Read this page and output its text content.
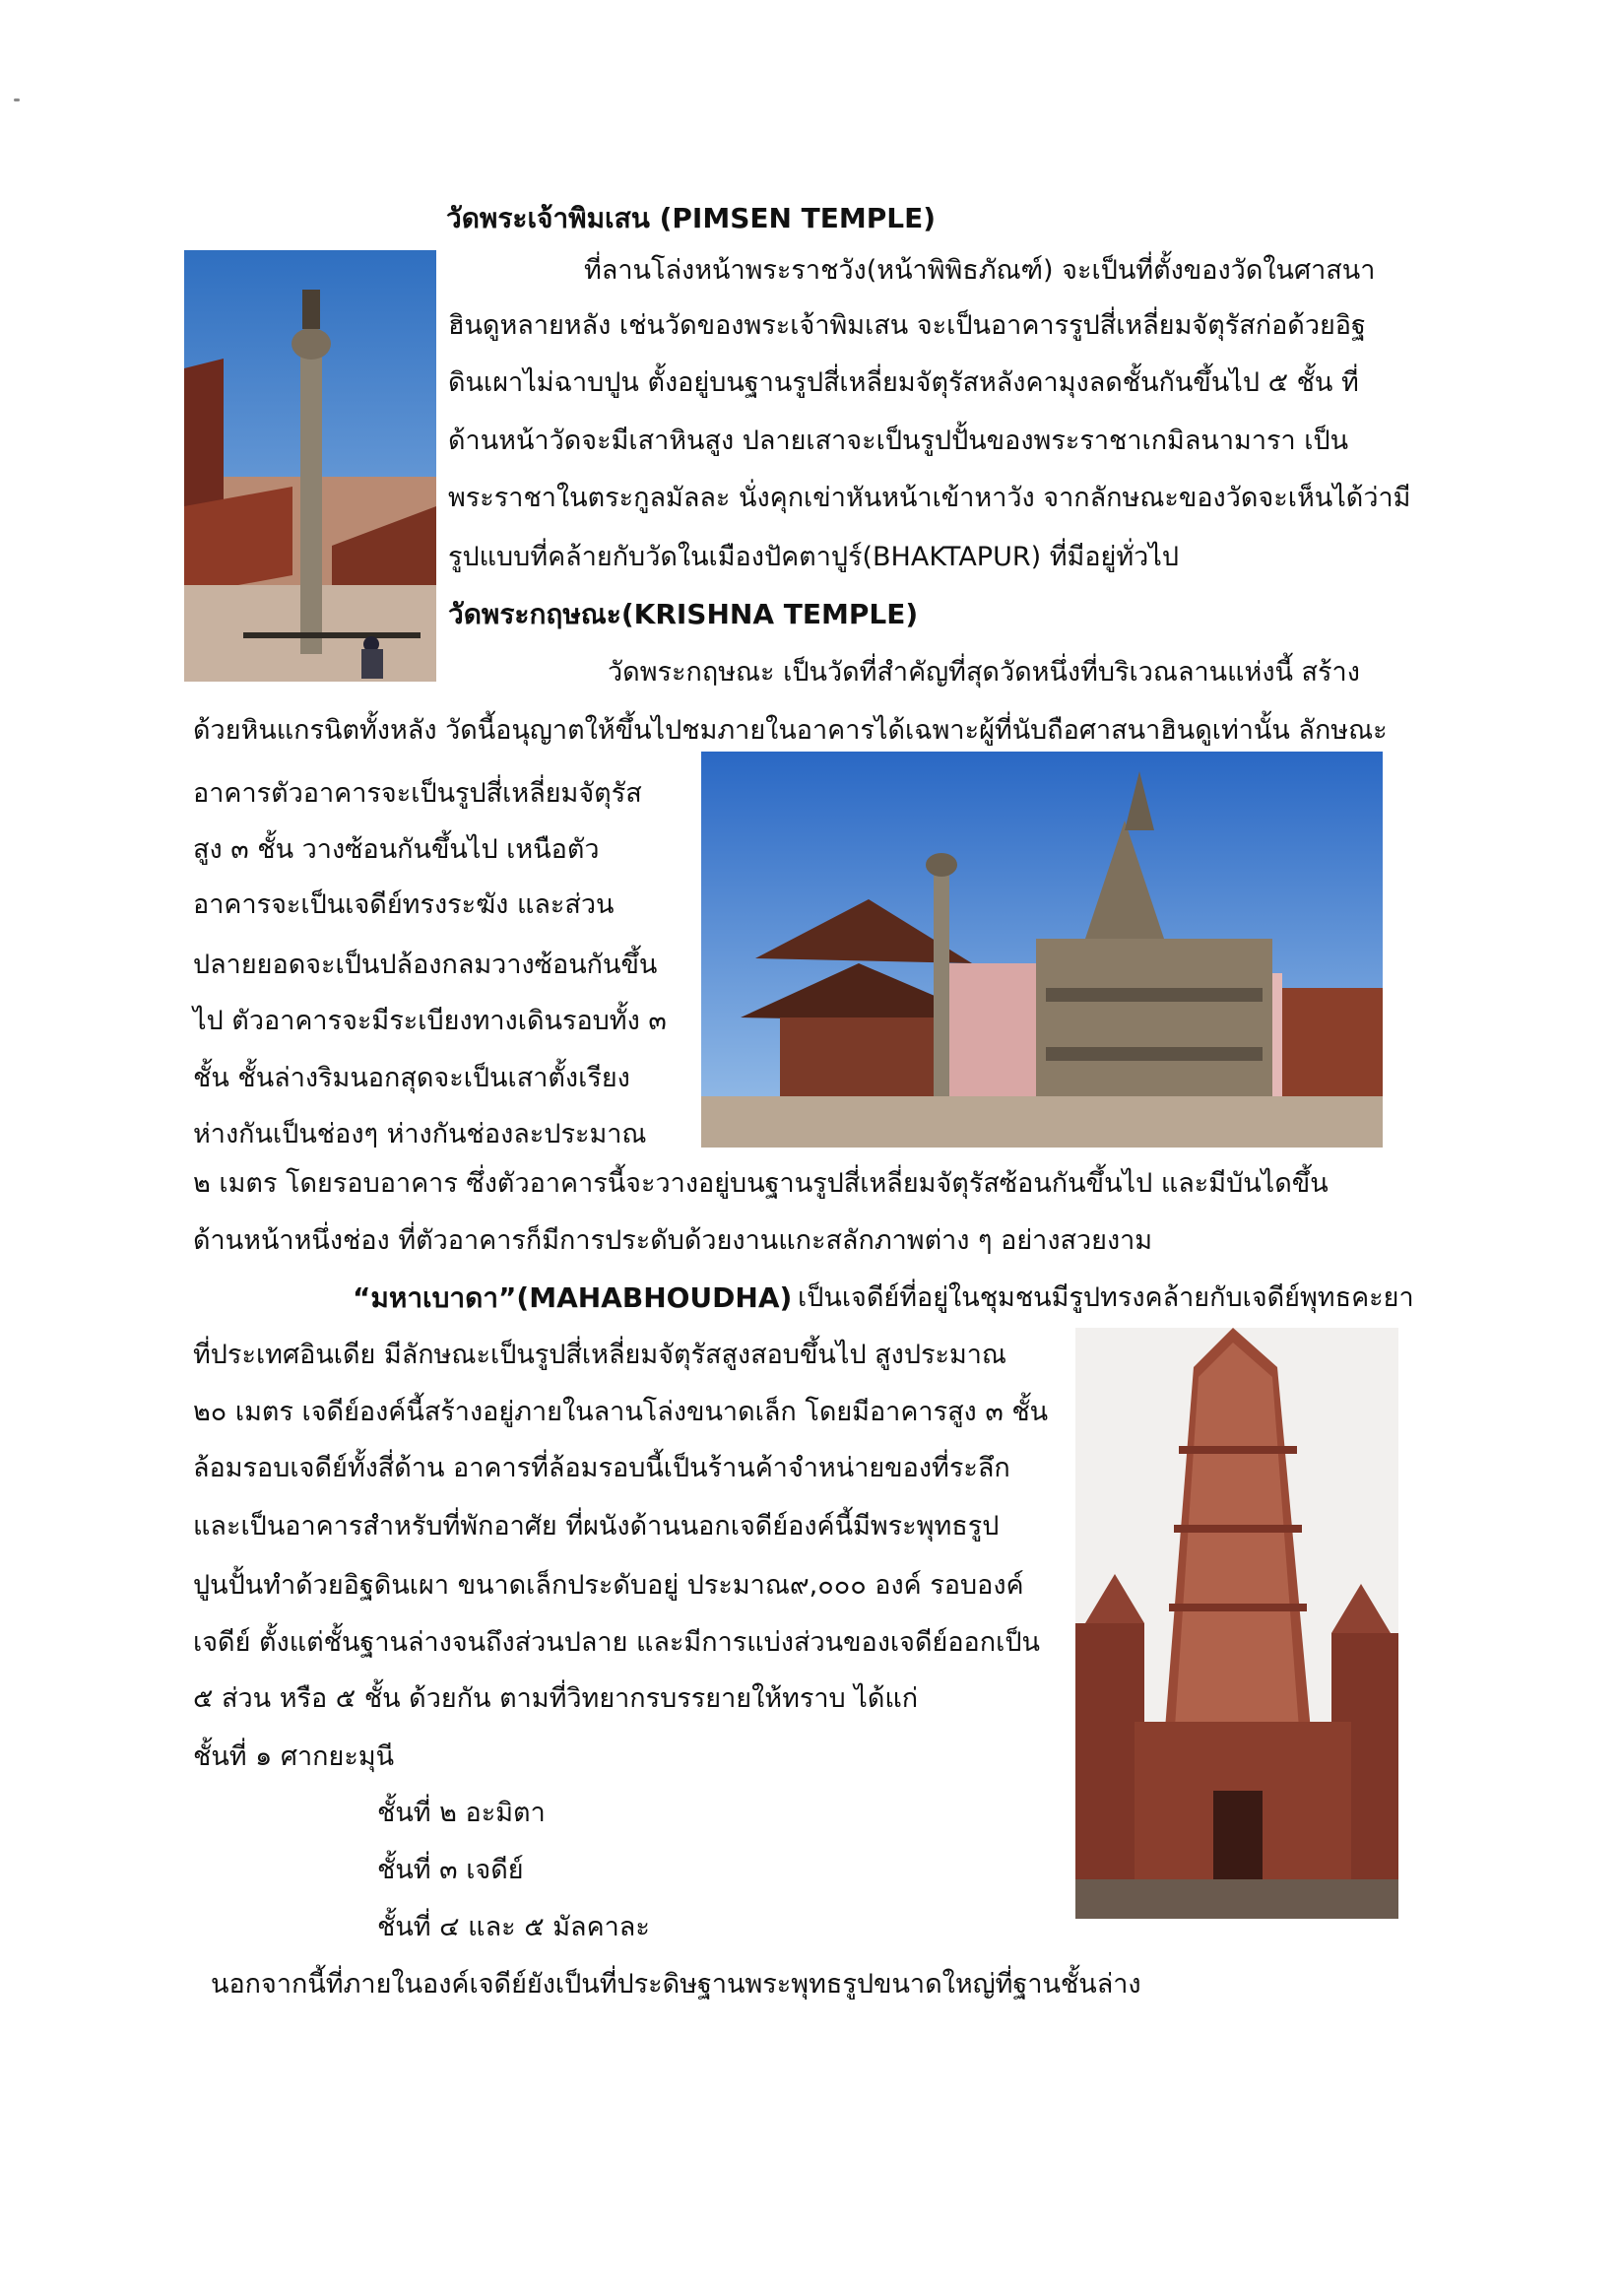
วัดพระเจ้าพิมเสน (PIMSEN TEMPLE)

ที่ลานโล่งหน้าพระราชวัง(หน้าพิพิธภัณฑ์) จะเป็นที่ตั้งของวัดในศาสนา

ฮินดูหลายหลัง เช่นวัดของพระเจ้าพิมเสน จะเป็นอาคารรูปสี่เหลี่ยมจัตุรัสก่อด้วยอิฐ

ดินเผาไม่ฉาบปูน ตั้งอยู่บนฐานรูปสี่เหลี่ยมจัตุรัสหลังคามุงลดชั้นกันขึ้นไป ๕ ชั้น ที่

ด้านหน้าวัดจะมีเสาหินสูง ปลายเสาจะเป็นรูปปั้นของพระราชาเกมิลนามารา เป็น

พระราชาในตระกูลมัลละ นั่งคุกเข่าหันหน้าเข้าหาวัง จากลักษณะของวัดจะเห็นได้ว่ามี

รูปแบบที่คล้ายกับวัดในเมืองปัคตาปูร์(BHAKTAPUR) ที่มีอยู่ทั่วไป

วัดพระกฤษณะ(KRISHNA TEMPLE)

วัดพระกฤษณะ เป็นวัดที่สำคัญที่สุดวัดหนึ่งที่บริเวณลานแห่งนี้ สร้าง

ด้วยหินแกรนิตทั้งหลัง วัดนี้อนุญาตให้ขึ้นไปชมภายในอาคารได้เฉพาะผู้ที่นับถือศาสนาฮินดูเท่านั้น ลักษณะ

อาคารตัวอาคารจะเป็นรูปสี่เหลี่ยมจัตุรัส

สูง ๓ ชั้น วางซ้อนกันขึ้นไป เหนือตัว

อาคารจะเป็นเจดีย์ทรงระฆัง และส่วน

ปลายยอดจะเป็นปล้องกลมวางซ้อนกันขึ้น

ไป ตัวอาคารจะมีระเบียงทางเดินรอบทั้ง ๓

ชั้น ชั้นล่างริมนอกสุดจะเป็นเสาตั้งเรียง

ห่างกันเป็นช่องๆ ห่างกันช่องละประมาณ

๒ เมตร โดยรอบอาคาร ซึ่งตัวอาคารนี้จะวางอยู่บนฐานรูปสี่เหลี่ยมจัตุรัสซ้อนกันขึ้นไป และมีบันไดขึ้น

ด้านหน้าหนึ่งช่อง ที่ตัวอาคารก็มีการประดับด้วยงานแกะสลักภาพต่าง ๆ อย่างสวยงาม

“มหาเบาดา”(MAHABHOUDHA) เป็นเจดีย์ที่อยู่ในชุมชนมีรูปทรงคล้ายกับเจดีย์พุทธคะยา

ที่ประเทศอินเดีย มีลักษณะเป็นรูปสี่เหลี่ยมจัตุรัสสูงสอบขึ้นไป สูงประมาณ

๒๐ เมตร เจดีย์องค์นี้สร้างอยู่ภายในลานโล่งขนาดเล็ก โดยมีอาคารสูง ๓ ชั้น

ล้อมรอบเจดีย์ทั้งสี่ด้าน อาคารที่ล้อมรอบนี้เป็นร้านค้าจำหน่ายของที่ระลึก

และเป็นอาคารสำหรับที่พักอาศัย ที่ผนังด้านนอกเจดีย์องค์นี้มีพระพุทธรูป

ปูนปั้นทำด้วยอิฐดินเผา ขนาดเล็กประดับอยู่ ประมาณ๙,๐๐๐ องค์ รอบองค์

เจดีย์ ตั้งแต่ชั้นฐานล่างจนถึงส่วนปลาย และมีการแบ่งส่วนของเจดีย์ออกเป็น

๕ ส่วน หรือ ๕ ชั้น ด้วยกัน ตามที่วิทยากรบรรยายให้ทราบ ได้แก่

ชั้นที่ ๑ ศากยะมุนี

ชั้นที่ ๒ อะมิตา

ชั้นที่ ๓ เจดีย์

ชั้นที่ ๔ และ ๕ มัลคาละ

นอกจากนี้ที่ภายในองค์เจดีย์ยังเป็นที่ประดิษฐานพระพุทธรูปขนาดใหญ่ที่ฐานชั้นล่าง
